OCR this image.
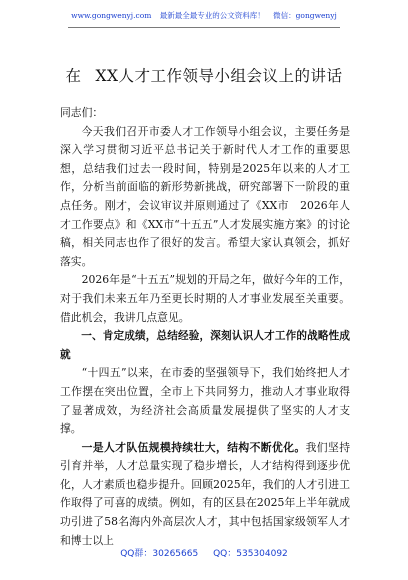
www.gongwenyj.com 最新最全最专业的公文资料库！ 微信：gongwenyj
在 XX人才工作领导小组会议上的讲话

同志们：

今天我们召开市委人才工作领导小组会议，主要任务是深入学习贯彻习近平总书记关于新时代人才工作的重要思想，总结我们过去一段时间，特别是2025年以来的人才工作，分析当前面临的新形势新挑战，研究部署下一阶段的重点任务。刚才，会议审议并原则通过了《XX市　2026年人才工作要点》和《XX市“十五五”人才发展实施方案》的讨论稿，相关同志也作了很好的发言。希望大家认真领会，抓好落实。

2026年是“十五五”规划的开局之年，做好今年的工作，对于我们未来五年乃至更长时期的人才事业发展至关重要。借此机会，我讲几点意见。

一、肯定成绩，总结经验，深刻认识人才工作的战略性成就

“十四五”以来，在市委的坚强领导下，我们始终把人才工作摆在突出位置，全市上下共同努力，推动人才事业取得了显著成效，为经济社会高质量发展提供了坚实的人才支撑。

一是人才队伍规模持续壮大，结构不断优化。我们坚持引育并举，人才总量实现了稳步增长，人才结构得到逐步优化，人才素质也稳步提升。回顾2025年，我们的人才引进工作取得了可喜的成绩。例如，有的区县在2025年上半年就成功引进了58名海内外高层次人才，其中包括国家级领军人才和博士以上

QQ群：30265665 QQ：535304092
